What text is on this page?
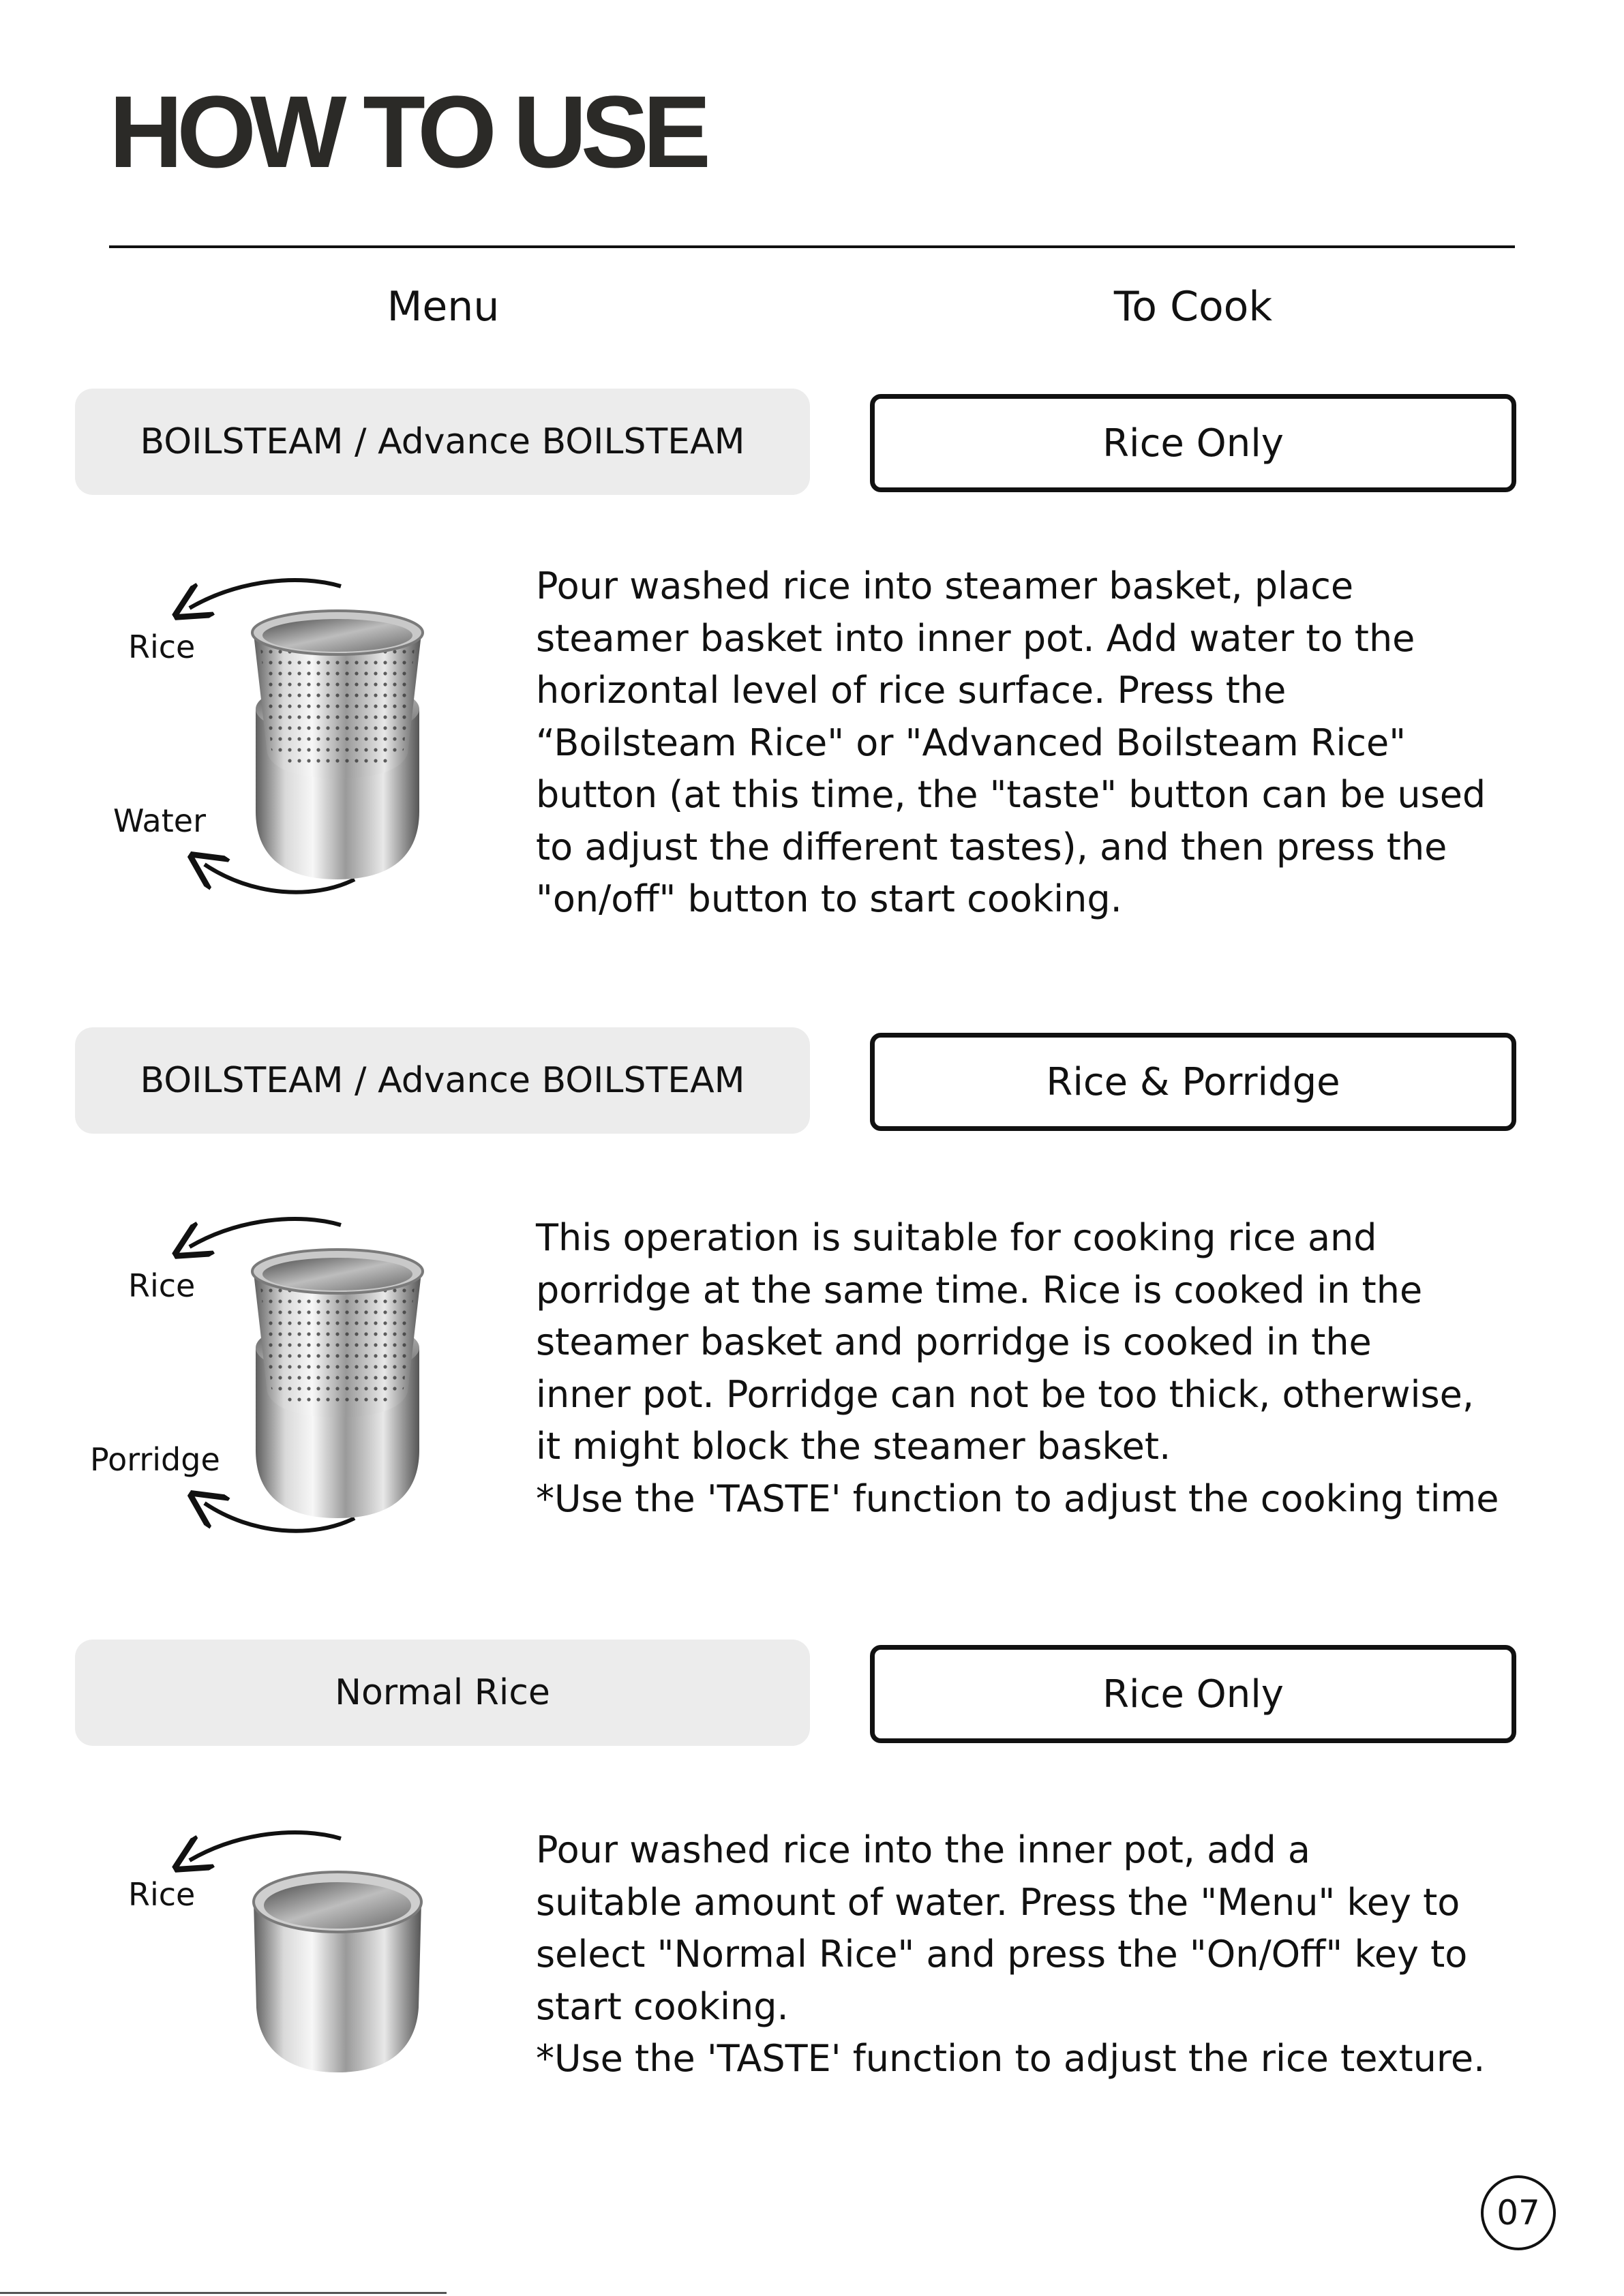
HOW TO USE
Menu	To Cook
BOILSTEAM / Advance BOILSTEAM	Rice Only
Rice
Water

Pour washed rice into steamer basket, place
steamer basket into inner pot. Add water to the
horizontal level of rice surface. Press the
“Boilsteam Rice" or "Advanced Boilsteam Rice"
button (at this time, the "taste" button can be used
to adjust the different tastes), and then press the
"on/off" button to start cooking.

BOILSTEAM / Advance BOILSTEAM	Rice & Porridge
Rice
Porridge

This operation is suitable for cooking rice and
porridge at the same time. Rice is cooked in the
steamer basket and porridge is cooked in the
inner pot. Porridge can not be too thick, otherwise,
it might block the steamer basket.
*Use the 'TASTE' function to adjust the cooking time

Normal Rice	Rice Only
Rice

Pour washed rice into the inner pot, add a
suitable amount of water. Press the "Menu" key to
select "Normal Rice" and press the "On/Off" key to
start cooking.
*Use the 'TASTE' function to adjust the rice texture.

07
